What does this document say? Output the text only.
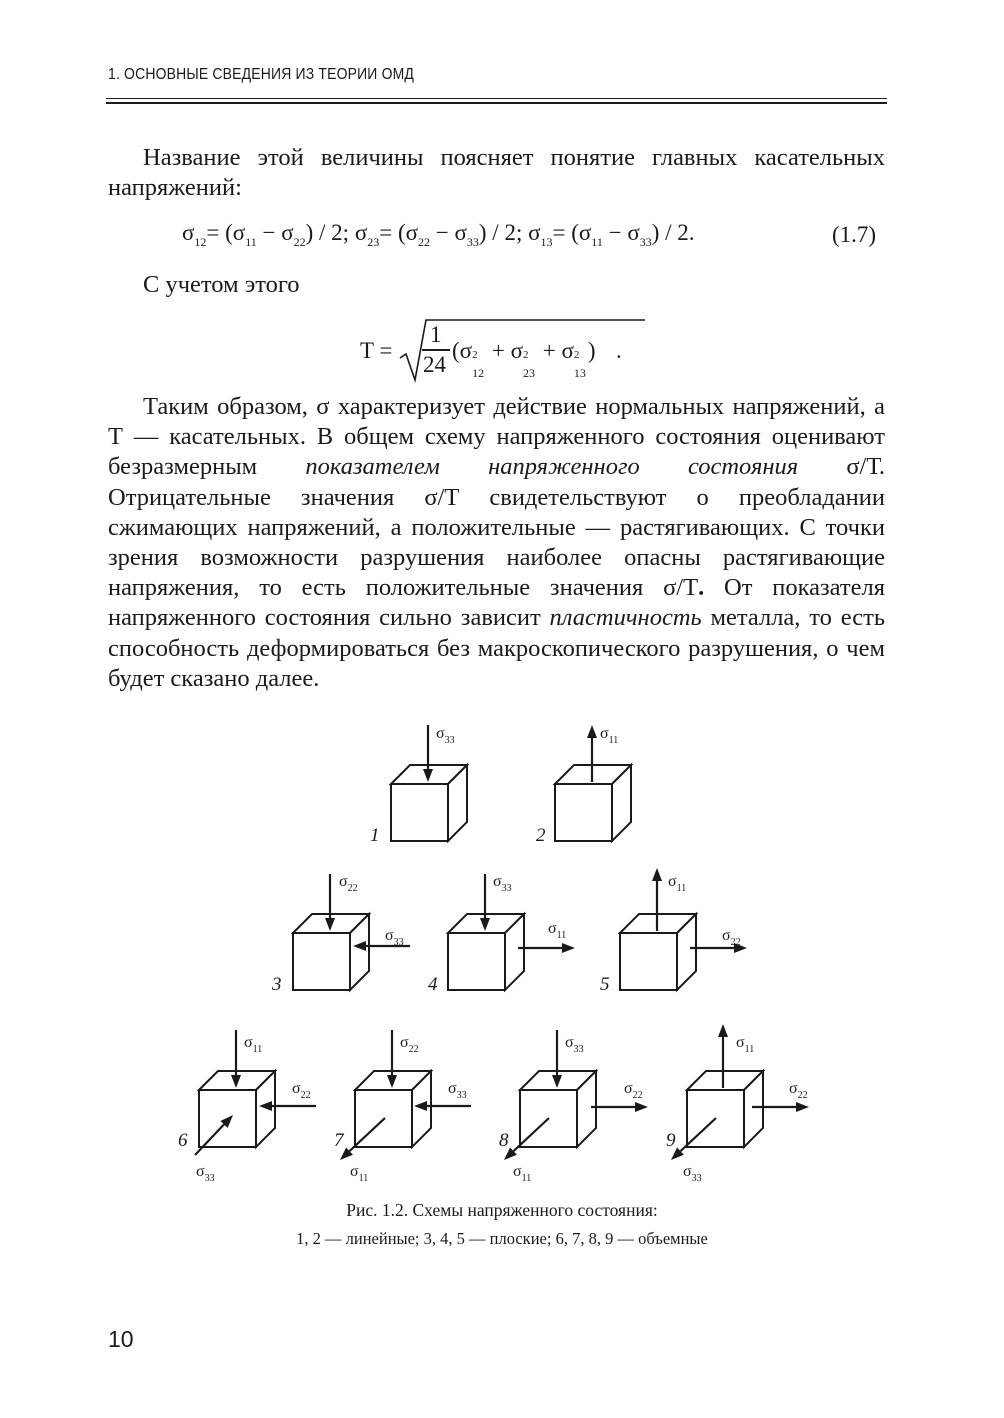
1. ОСНОВНЫЕ СВЕДЕНИЯ ИЗ ТЕОРИИ ОМД

Название этой величины поясняет понятие главных касательных напряжений:

$\sigma_{12}= (\sigma_{11} - \sigma_{22}) / 2$; $\sigma_{23}= (\sigma_{22} - \sigma_{33}) / 2$; $\sigma_{13}= (\sigma_{11} - \sigma_{33}) / 2$.	(1.7)
С учетом этого
T =
1
24
(σ 2
12
+ σ 2
23
+ σ 2
13
) .

Таким образом, σ характеризует действие нормальных напряжений, а Т — касательных. В общем схему напряженного состояния оценивают безразмерным показателем напряженного состояния σ/Т. Отрицательные значения σ/Т свидетельствуют о преобладании сжимающих напряжений, а положительные — растягивающих. С точки зрения возможности разрушения наиболее опасны растягивающие напряжения, то есть положительные значения σ/Т. От показателя напряженного состояния сильно зависит пластичность металла, то есть способность деформироваться без макроскопического разрушения, о чем будет сказано далее.

$\sigma_{33}$
1
$\sigma_{11}$
2
$\sigma_{22}$
$\sigma_{33}$
3
$\sigma_{33}$
$\sigma_{11}$
4
$\sigma_{11}$
$\sigma_{22}$
5
$\sigma_{11}$
$\sigma_{22}$
$\sigma_{33}$
6
$\sigma_{22}$
$\sigma_{33}$
$\sigma_{11}$
7
$\sigma_{33}$
$\sigma_{22}$
$\sigma_{11}$
8
$\sigma_{11}$
$\sigma_{22}$
$\sigma_{33}$
9
Рис. 1.2. Схемы напряженного состояния:
1, 2 — линейные; 3, 4, 5 — плоские; 6, 7, 8, 9 — объемные
10
